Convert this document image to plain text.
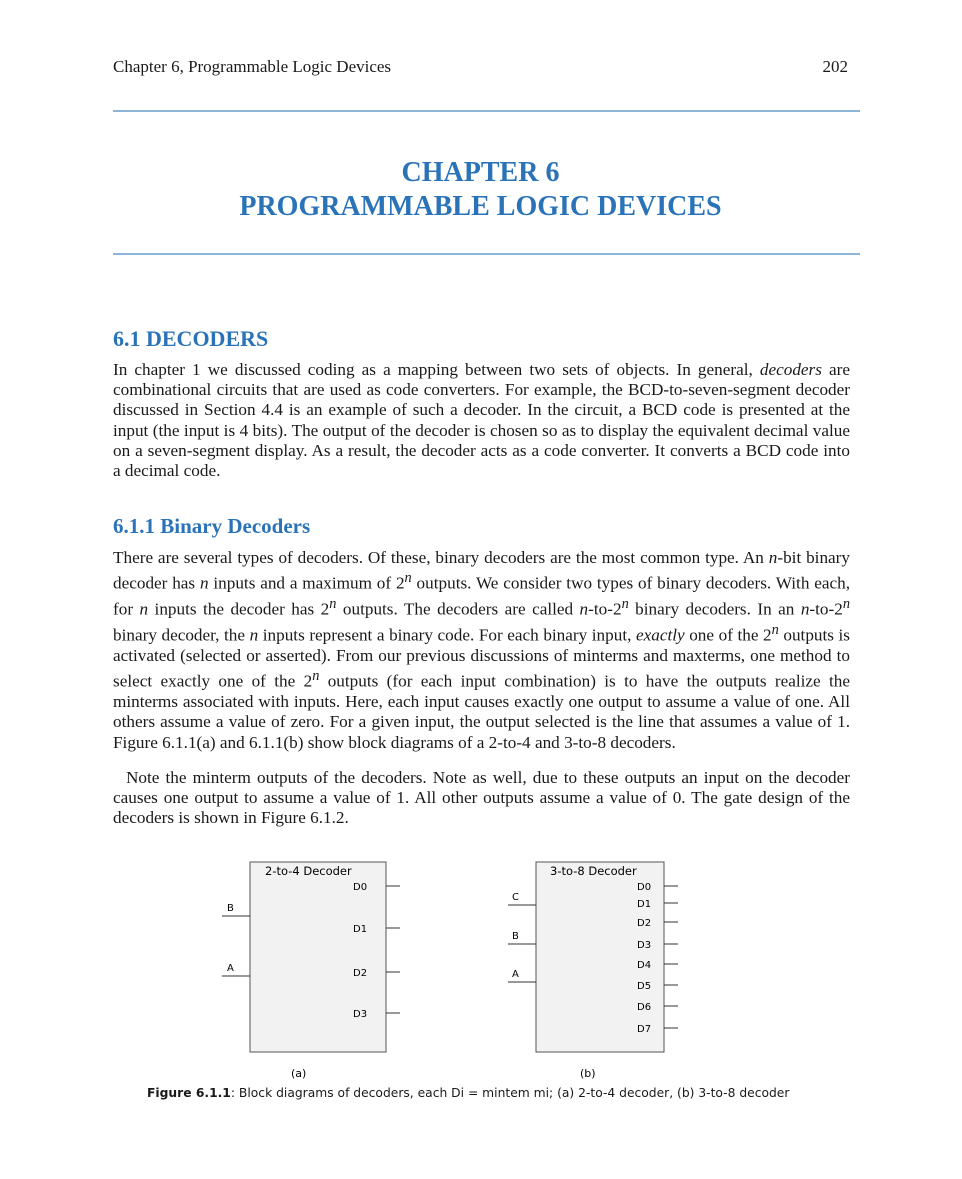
Chapter 6, Programmable Logic Devices	202
CHAPTER 6
PROGRAMMABLE LOGIC DEVICES
6.1 DECODERS
In chapter 1 we discussed coding as a mapping between two sets of objects. In general, decoders are combinational circuits that are used as code converters. For example, the BCD-to-seven-segment decoder discussed in Section 4.4 is an example of such a decoder. In the circuit, a BCD code is presented at the input (the input is 4 bits). The output of the decoder is chosen so as to display the equivalent decimal value on a seven-segment display. As a result, the decoder acts as a code converter. It converts a BCD code into a decimal code.
6.1.1 Binary Decoders
There are several types of decoders. Of these, binary decoders are the most common type. An n-bit binary decoder has n inputs and a maximum of 2$^n$ outputs. We consider two types of binary decoders. With each, for n inputs the decoder has 2$^n$ outputs. The decoders are called n-to-2$^n$ binary decoders. In an n-to-2$^n$ binary decoder, the n inputs represent a binary code. For each binary input, exactly one of the 2$^n$ outputs is activated (selected or asserted). From our previous discussions of minterms and maxterms, one method to select exactly one of the 2$^n$ outputs (for each input combination) is to have the outputs realize the minterms associated with inputs. Here, each input causes exactly one output to assume a value of one. All others assume a value of zero. For a given input, the output selected is the line that assumes a value of 1. Figure 6.1.1(a) and 6.1.1(b) show block diagrams of a 2-to-4 and 3-to-8 decoders.
Note the minterm outputs of the decoders. Note as well, due to these outputs an input on the decoder causes one output to assume a value of 1. All other outputs assume a value of 0. The gate design of the decoders is shown in Figure 6.1.2.
2-to-4 Decoder
B
A
D0
D1
D2
D3
(a)
3-to-8 Decoder
C
B
A
D0
D1
D2
D3
D4
D5
D6
D7
(b)
Figure 6.1.1: Block diagrams of decoders, each Di = mintem mi; (a) 2-to-4 decoder, (b) 3-to-8 decoder
